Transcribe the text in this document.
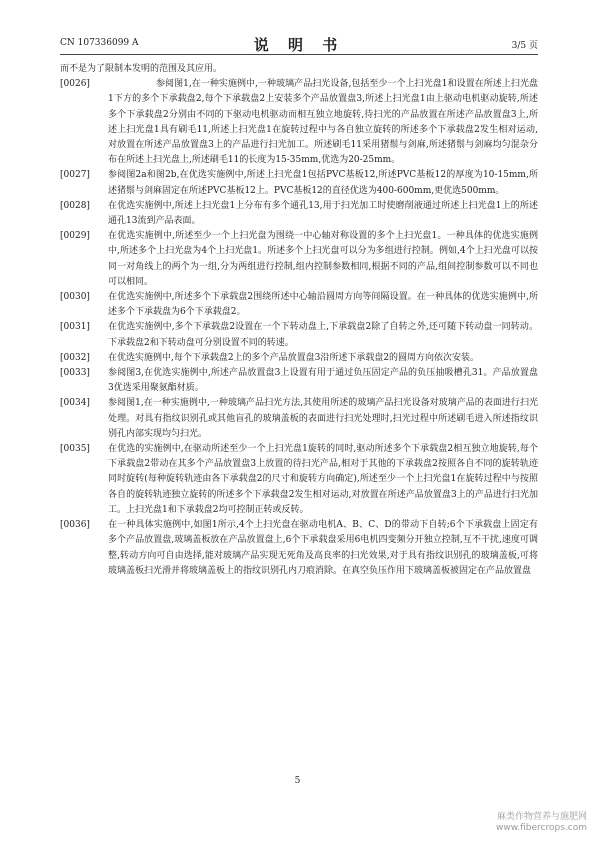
CN 107336099 A	说 明 书	3/5 页

而不是为了限制本发明的范围及其应用。

[0026]	参阅图1,在一种实施例中,一种玻璃产品扫光设备,包括至少一个上扫光盘1和设置在所述上扫光盘1下方的多个下承载盘2,每个下承载盘2上安装多个产品放置盘3,所述上扫光盘1由上驱动电机驱动旋转,所述多个下承载盘2分别由不同的下驱动电机驱动而相互独立地旋转,待扫光的产品放置在所述产品放置盘3上,所述上扫光盘1具有刷毛11,所述上扫光盘1在旋转过程中与各自独立旋转的所述多个下承载盘2发生相对运动,对放置在所述产品放置盘3上的产品进行扫光加工。所述刷毛11采用猪鬃与剑麻,所述猪鬃与剑麻均匀混杂分布在所述上扫光盘上,所述刷毛11的长度为15-35mm,优选为20-25mm。
[0027]	参阅图2a和图2b,在优选实施例中,所述上扫光盘1包括PVC基板12,所述PVC基板12的厚度为10-15mm,所述猪鬃与剑麻固定在所述PVC基板12上。PVC基板12的直径优选为400-600mm,更优选500mm。
[0028]	在优选实施例中,所述上扫光盘1上分布有多个通孔13,用于扫光加工时使磨削液通过所述上扫光盘1上的所述通孔13流到产品表面。
[0029]	在优选实施例中,所述至少一个上扫光盘为围绕一中心轴对称设置的多个上扫光盘1。一种具体的优选实施例中,所述多个上扫光盘为4个上扫光盘1。所述多个上扫光盘可以分为多组进行控制。例如,4个上扫光盘可以按同一对角线上的两个为一组,分为两组进行控制,组内控制参数相同,根据不同的产品,组间控制参数可以不同也可以相同。
[0030]	在优选实施例中,所述多个下承载盘2围绕所述中心轴沿圆周方向等间隔设置。在一种具体的优选实施例中,所述多个下承载盘为6个下承载盘2。
[0031]	在优选实施例中,多个下承载盘2设置在一个下转动盘上,下承载盘2除了自转之外,还可随下转动盘一同转动。下承载盘2和下转动盘可分别设置不同的转速。
[0032]	在优选实施例中,每个下承载盘2上的多个产品放置盘3沿所述下承载盘2的圆周方向依次安装。
[0033]	参阅图3,在优选实施例中,所述产品放置盘3上设置有用于通过负压固定产品的负压抽吸槽孔31。产品放置盘3优选采用聚氨酯材质。
[0034]	参阅图1,在一种实施例中,一种玻璃产品扫光方法,其使用所述的玻璃产品扫光设备对玻璃产品的表面进行扫光处理。对具有指纹识别孔或其他盲孔的玻璃盖板的表面进行扫光处理时,扫光过程中所述刷毛进入所述指纹识别孔内部实现均匀扫光。
[0035]	在优选的实施例中,在驱动所述至少一个上扫光盘1旋转的同时,驱动所述多个下承载盘2相互独立地旋转,每个下承载盘2带动在其多个产品放置盘3上放置的待扫光产品,相对于其他的下承载盘2按照各自不同的旋转轨迹同时旋转(每种旋转轨迹由各下承载盘2的尺寸和旋转方向确定),所述至少一个上扫光盘1在旋转过程中与按照各自的旋转轨迹独立旋转的所述多个下承载盘2发生相对运动,对放置在所述产品放置盘3上的产品进行扫光加工。上扫光盘1和下承载盘2均可控制正转或反转。
[0036]	在一种具体实施例中,如图1所示,4个上扫光盘在驱动电机A、B、C、D的带动下自转;6个下承载盘上固定有多个产品放置盘,玻璃盖板放在产品放置盘上,6个下承载盘采用6电机四变频分开独立控制,互不干扰,速度可调整,转动方向可自由选择,能对玻璃产品实现无死角及高良率的扫光效果,对于具有指纹识别孔的玻璃盖板,可将玻璃盖板扫光滑并将玻璃盖板上的指纹识别孔内刀痕消除。在真空负压作用下玻璃盖板被固定在产品放置盘
5
麻类作物营养与施肥网
www.fibercrops.com
